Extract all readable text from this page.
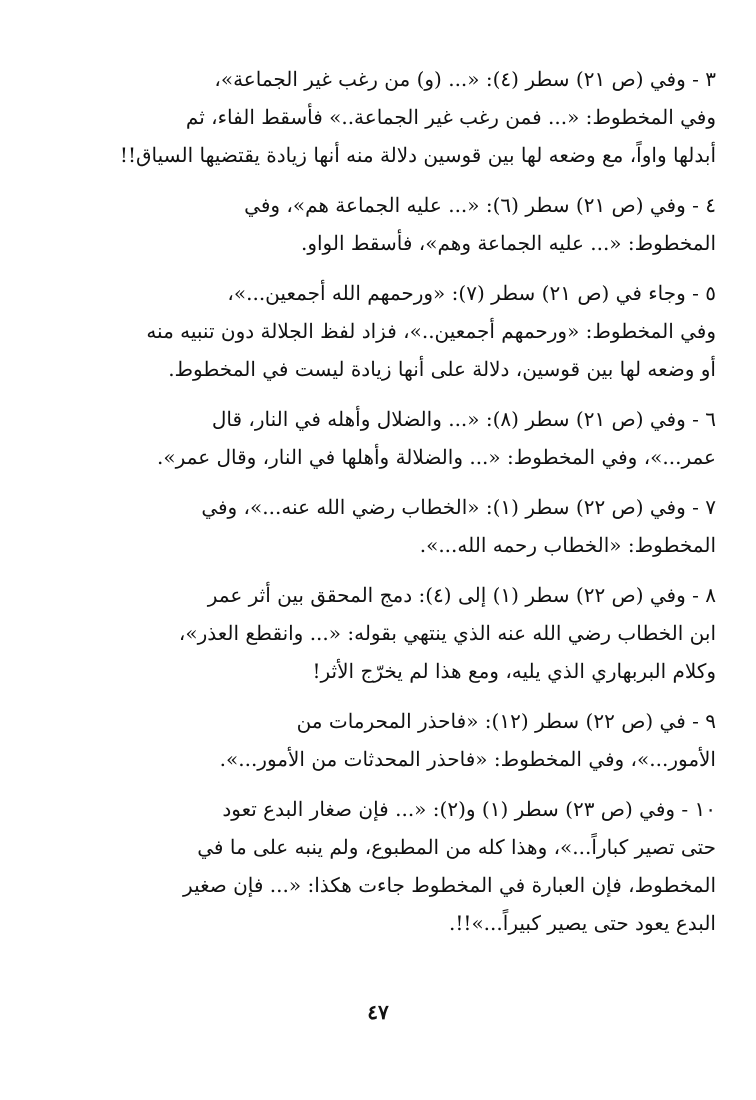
٣ - وفي (ص ٢١) سطر (٤): «... (و) من رغب غير الجماعة»،
وفي المخطوط: «... فمن رغب غير الجماعة..» فأسقط الفاء، ثم
أبدلها واواً، مع وضعه لها بين قوسين دلالة منه أنها زيادة يقتضيها السياق!!

٤ - وفي (ص ٢١) سطر (٦): «... عليه الجماعة هم»، وفي
المخطوط: «... عليه الجماعة وهم»، فأسقط الواو.

٥ - وجاء في (ص ٢١) سطر (٧): «ورحمهم الله أجمعين...»،
وفي المخطوط: «ورحمهم أجمعين..»، فزاد لفظ الجلالة دون تنبيه منه
أو وضعه لها بين قوسين، دلالة على أنها زيادة ليست في المخطوط.

٦ - وفي (ص ٢١) سطر (٨): «... والضلال وأهله في النار، قال
عمر...»، وفي المخطوط: «... والضلالة وأهلها في النار، وقال عمر».

٧ - وفي (ص ٢٢) سطر (١): «الخطاب رضي الله عنه...»، وفي
المخطوط: «الخطاب رحمه الله...».

٨ - وفي (ص ٢٢) سطر (١) إلى (٤): دمج المحقق بين أثر عمر
ابن الخطاب رضي الله عنه الذي ينتهي بقوله: «... وانقطع العذر»،
وكلام البربهاري الذي يليه، ومع هذا لم يخرّج الأثر!

٩ - في (ص ٢٢) سطر (١٢): «فاحذر المحرمات من
الأمور...»، وفي المخطوط: «فاحذر المحدثات من الأمور...».

١٠ - وفي (ص ٢٣) سطر (١) و(٢): «... فإن صغار البدع تعود
حتى تصير كباراً...»، وهذا كله من المطبوع، ولم ينبه على ما في
المخطوط، فإن العبارة في المخطوط جاءت هكذا: «... فإن صغير
البدع يعود حتى يصير كبيراً...»!!.

٤٧
